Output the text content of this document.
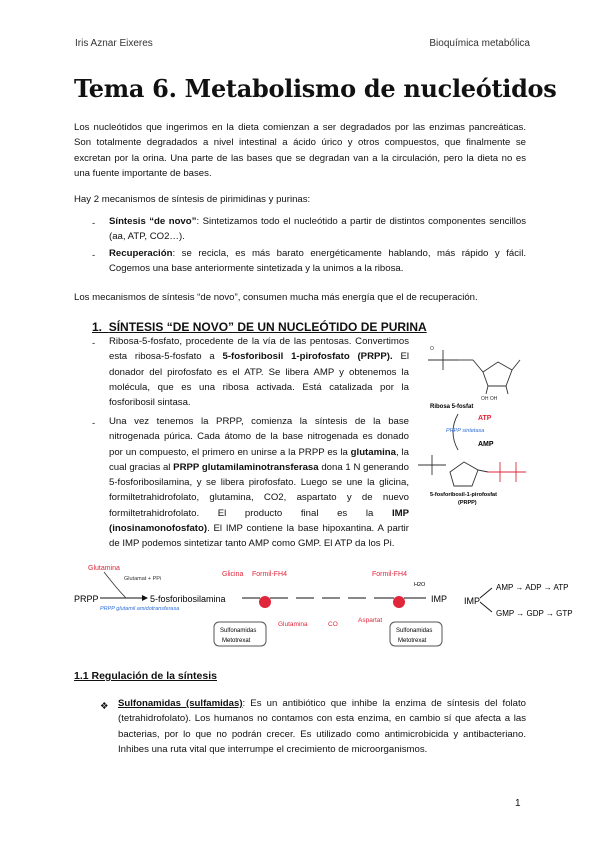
Iris Aznar Eixeres	Bioquímica metabólica
Tema 6. Metabolismo de nucleótidos
Los nucleótidos que ingerimos en la dieta comienzan a ser degradados por las enzimas pancreáticas. Son totalmente degradados a nivel intestinal a ácido úrico y otros compuestos, que finalmente se excretan por la orina. Una parte de las bases que se degradan van a la circulación, pero la dieta no es una fuente importante de bases.
Hay 2 mecanismos de síntesis de pirimidinas y purinas:
- Síntesis “de novo”: Sintetizamos todo el nucleótido a partir de distintos componentes sencillos (aa, ATP, CO2…).
- Recuperación: se recicla, es más barato energéticamente hablando, más rápido y fácil. Cogemos una base anteriormente sintetizada y la unimos a la ribosa.
Los mecanismos de síntesis “de novo”, consumen mucha más energía que el de recuperación.
1. SÍNTESIS “DE NOVO” DE UN NUCLEÓTIDO DE PURINA
- Ribosa-5-fosfato, procedente de la vía de las pentosas. Convertimos esta ribosa-5-fosfato a 5-fosforibosil 1-pirofosfato (PRPP). El donador del pirofosfato es el ATP. Se libera AMP y obtenemos la molécula, que es una ribosa activada. Está catalizada por la fosforibosil sintasa.
- Una vez tenemos la PRPP, comienza la síntesis de la base nitrogenada púrica. Cada átomo de la base nitrogenada es donado por un compuesto, el primero en unirse a la PRPP es la glutamina, la cual gracias al PRPP glutamilaminotransferasa dona 1 N generando 5-fosforibosilamina, y se libera pirofosfato. Luego se une la glicina, formiltetrahidrofolato, glutamina, CO2, aspartato y de nuevo formiltetrahidrofolato. El producto final es la IMP (inosinamonofosfato). El IMP contiene la base hipoxantina. A partir de IMP podemos sintetizar tanto AMP como GMP. El ATP da los Pi.
O
OH OH
Ribosa 5-fosfat
ATP
PRPP sintetasa
AMP
5-fosforibosil-1-pirofosfat
(PRPP)
Glutamina
Glutamat + PPi
PRPP
PRPP glutamil amidotransferasa
5-fosforibosilamina
Glicina Formil-FH4	Formil-FH4
IMP
H2O
Glutamina	CO
Aspartat
Sulfonamidas
Metotrexat
Sulfonamidas
Metotrexat
IMP
AMP → ADP → ATP
GMP → GDP → GTP
1.1 Regulación de la síntesis
❖ Sulfonamidas (sulfamidas): Es un antibiótico que inhibe la enzima de síntesis del folato (tetrahidrofolato). Los humanos no contamos con esta enzima, en cambio sí que afecta a las bacterias, por lo que no podrán crecer. Es utilizado como antimicrobicida y antibacteriano. Inhibes una ruta vital que interrumpe el crecimiento de microorganismos.
1
